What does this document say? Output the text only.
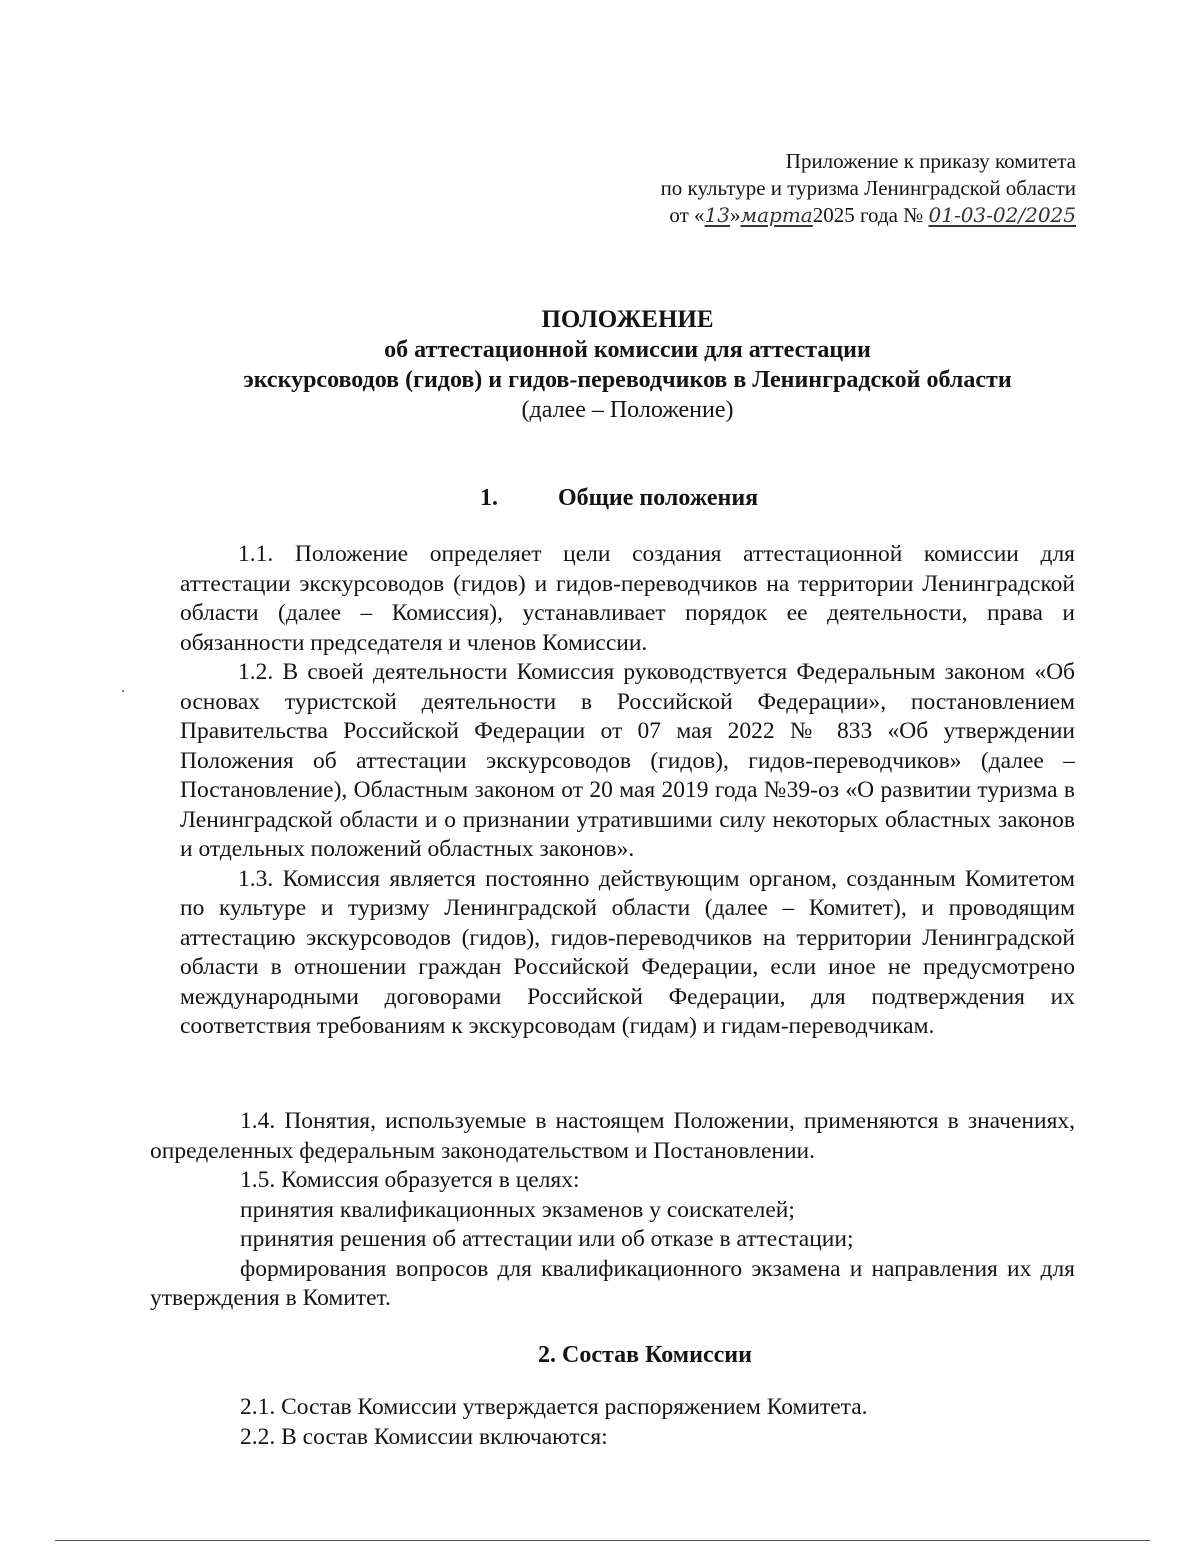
Приложение к приказу комитета
по культуре и туризма Ленинградской области
от «13»марта2025 года № 01-03-02/2025

ПОЛОЖЕНИЕ

об аттестационной комиссии для аттестации

экскурсоводов (гидов) и гидов-переводчиков в Ленинградской области

(далее – Положение)

1.	Общие положения

1.1. Положение определяет цели создания аттестационной комиссии для аттестации экскурсоводов (гидов) и гидов-переводчиков на территории Ленинградской области (далее – Комиссия), устанавливает порядок ее деятельности, права и обязанности председателя и членов Комиссии.

1.2. В своей деятельности Комиссия руководствуется Федеральным законом «Об основах туристской деятельности в Российской Федерации», постановлением Правительства Российской Федерации от 07 мая 2022 № 833 «Об утверждении Положения об аттестации экскурсоводов (гидов), гидов-переводчиков» (далее – Постановление), Областным законом от 20 мая 2019 года №39-оз «О развитии туризма в Ленинградской области и о признании утратившими силу некоторых областных законов и отдельных положений областных законов».

1.3. Комиссия является постоянно действующим органом, созданным Комитетом по культуре и туризму Ленинградской области (далее – Комитет), и проводящим аттестацию экскурсоводов (гидов), гидов-переводчиков на территории Ленинградской области в отношении граждан Российской Федерации, если иное не предусмотрено международными договорами Российской Федерации, для подтверждения их соответствия требованиям к экскурсоводам (гидам) и гидам-переводчикам.

1.4. Понятия, используемые в настоящем Положении, применяются в значениях, определенных федеральным законодательством и Постановлении.

1.5. Комиссия образуется в целях:

принятия квалификационных экзаменов у соискателей;

принятия решения об аттестации или об отказе в аттестации;

формирования вопросов для квалификационного экзамена и направления их для утверждения в Комитет.

2. Состав Комиссии

2.1. Состав Комиссии утверждается распоряжением Комитета.

2.2. В состав Комиссии включаются:
